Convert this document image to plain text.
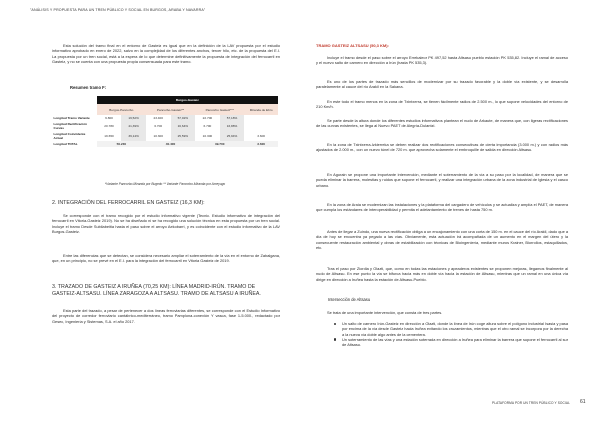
"ANÁLISIS Y PROPUESTA PARA UN TREN PÚBLICO Y SOCIAL EN BURGOS, ARABA Y NAVARRA"

Esta solución del tramo final en el entorno de Gasteiz es igual que en la definición de la LAV propuesta por el estudio informativo aprobado en enero de 2022, salvo en la complejidad de los diferentes anchos, tercer hilo, etc. de la propuesta del E.I. La propuesta por un tren social, está a la espera de lo que determine definitivamente la propuesta de integración del ferrocarril en Gasteiz, y no se cuenta con una propuesta propia consensuada para este tramo.

Resumen tramo F:
	Burgos-Gasteiz						
	Burgos-Pancorbo		Pancorbo-Gasteiz**		Pancorbo Gasteiz***		Miranda de Ebro
Longitud Tramo Variante	9.800	19,52%	23.400	57,02%	22.700	57,18%	
Longitud Rectificación Curvas	20.780	41,39%	6.700	16,64%	6.700	16,88%	
Longitud Coincidente Actual	19.650	39,14%	10.300	25,59%	10.300	25,94%	3.600
Longitud TOTAL	50.230		40.400		39.700		3.600
*Variante Pancorbo-Miranda por Bugedo ** Variante Pancorbo-Miranda por Ameyugo
2. INTEGRACIÓN DEL FERROCARRIL EN GASTEIZ (16,3 KM):

Se corresponde con el tramo recogido por el estudio informativo vigente (Tecnic. Estudio informativo de integración del ferrocarril en Vitoria-Gasteiz 2019). No se ha diseñado ni se ha recogido una solución técnica en esta propuesta por un tren social. Incluye el tramo Desde Subilabeitia hasta el paso sobre el arroyo Aekobarri, y es coincidente con el estudio informativo de la LAV Burgos-Gasteiz.

Entre las diferencias que se detectan, se considera necesario ampliar el soterramiento de la vía en el entorno de Zabalgana, que, en un principio, no se prevé en el E.I. para la integración del ferrocarril en Vitoria Gasteiz de 2019.

3. TRAZADO DE GASTEIZ A IRUÑEA (70,25 KM): LÍNEA MADRID-IRÚN. TRAMO DE GASTEIZ-ALTSASU. LÍNEA ZARAGOZA A ALTSASU. TRAMO DE ALTSASU A IRUÑEA.

Esta parte del trazado, a pesar de pertenecer a dos líneas ferroviarias diferentes, se corresponde con el Estudio Informativo del proyecto de corredor ferroviario cantábrico-mediterráneo, tramo Pamplona-conexión Y vasca, fase 1-5.000., redactado por Gesec, Ingeniería y Sistemas, S.A. el año 2017.

TRAMO GASTEIZ ALTSASU (50,3 KM):

Incluye el tramo desde el paso sobre el arroyo Errekaleor PK 497,52 hasta Altsasu pueblo estación PK 535,82. Incluye el ramal de acceso y el nuevo salto de carnero en dirección a Irún (hasta PK 535,3).

Es uno de los partes de trazado más sencillos de modernizar por su trazado favorable y la doble vía existente, y se desarrolla paralelamente al cauce del río Arakil en la Sakana.

En este todo el tramo menos en la zona de Txintxerra, se tienen fácilmente radios de 2.500 m., lo que supone velocidades del entorno de 210 Km/h.

Se parte desde la altura donde los diferentes estudios informativos plantean el nudo de Arkaute, de manera que, con ligeras rectificaciones de las curvas existentes, se llega al Nuevo PAET de Alegría-Dulantzi.

En la zona de Txintxerra-Izkierreka se deben realizar dos rectificaciones consecutivas de cierta importancia (3.000 m.) y con radios más ajustados de 2.000 m., con un nuevo túnel de 720 m. que aprovecha solamente el embroquille de salida en dirección Altsasu.

En Agurain se propone una importante intervención, mediante el soterramiento de la vía a su paso por la localidad, de manera que se pueda eliminar la barrera, molestias y ruidos que supone el ferrocarril, y realizar una integración urbana de la zona industrial de Iglesia y el casco urbano.

En la zona de Araia se modernizan las instalaciones y la plataforma del cargadero de vehículos y se actualiza y amplía el PAET, de manera que cumpla los estándares de interoperabilidad y permita el adelantamiento de trenes de hasta 750 m.

Antes de llegar a Zuindo, una nueva rectificación obliga a un encajonamiento con una corta de 150 m. en el cauce del río Arakil, dado que a día de hoy se encuentra ya pegado a las vías. Obviamente, esta actuación irá acompañada de un aumento en el margen del útero y la consecuente restauración ambiental y obras de estabilización con técnicas de Bioingeniería, mediante muros Krainer, Biorrollos, estaquillados, etc.

Tras el paso por Ziordia y Olazti, que, como en todas las estaciones y apeaderos existentes se proponen mejoras, llegamos finalmente al nudo de Altsasu. En ese punto la vía se bifurca hacia más en doble vía hacia la estación de Altsasu, mientras que un ramal en una única vía dirige en dirección a Iruñea hasta la estación de Altsasu-Pueblo.

Intersección de Altsasu

Se trata de una importante intervención, que consta de tres partes.

Un salto de carnero Irún-Gasteiz en dirección a Olazti, donde la línea de Irún coge altura sobre el polígono industrial Isasia y pasa por encima de la vía desde Gasteiz hacia Iruñea evitando los cruzamientos, mientras que el otro ramal se incorpora por la derecha a la nueva vía doble algo antes de la cementera.
Un soterramiento de las vías y una estación soterrada en dirección a Iruñea para eliminar la barrera que supone el ferrocarril al sur de Altsasu.
PLATAFORMA POR UN TREN PÚBLICO Y SOCIAL 61
